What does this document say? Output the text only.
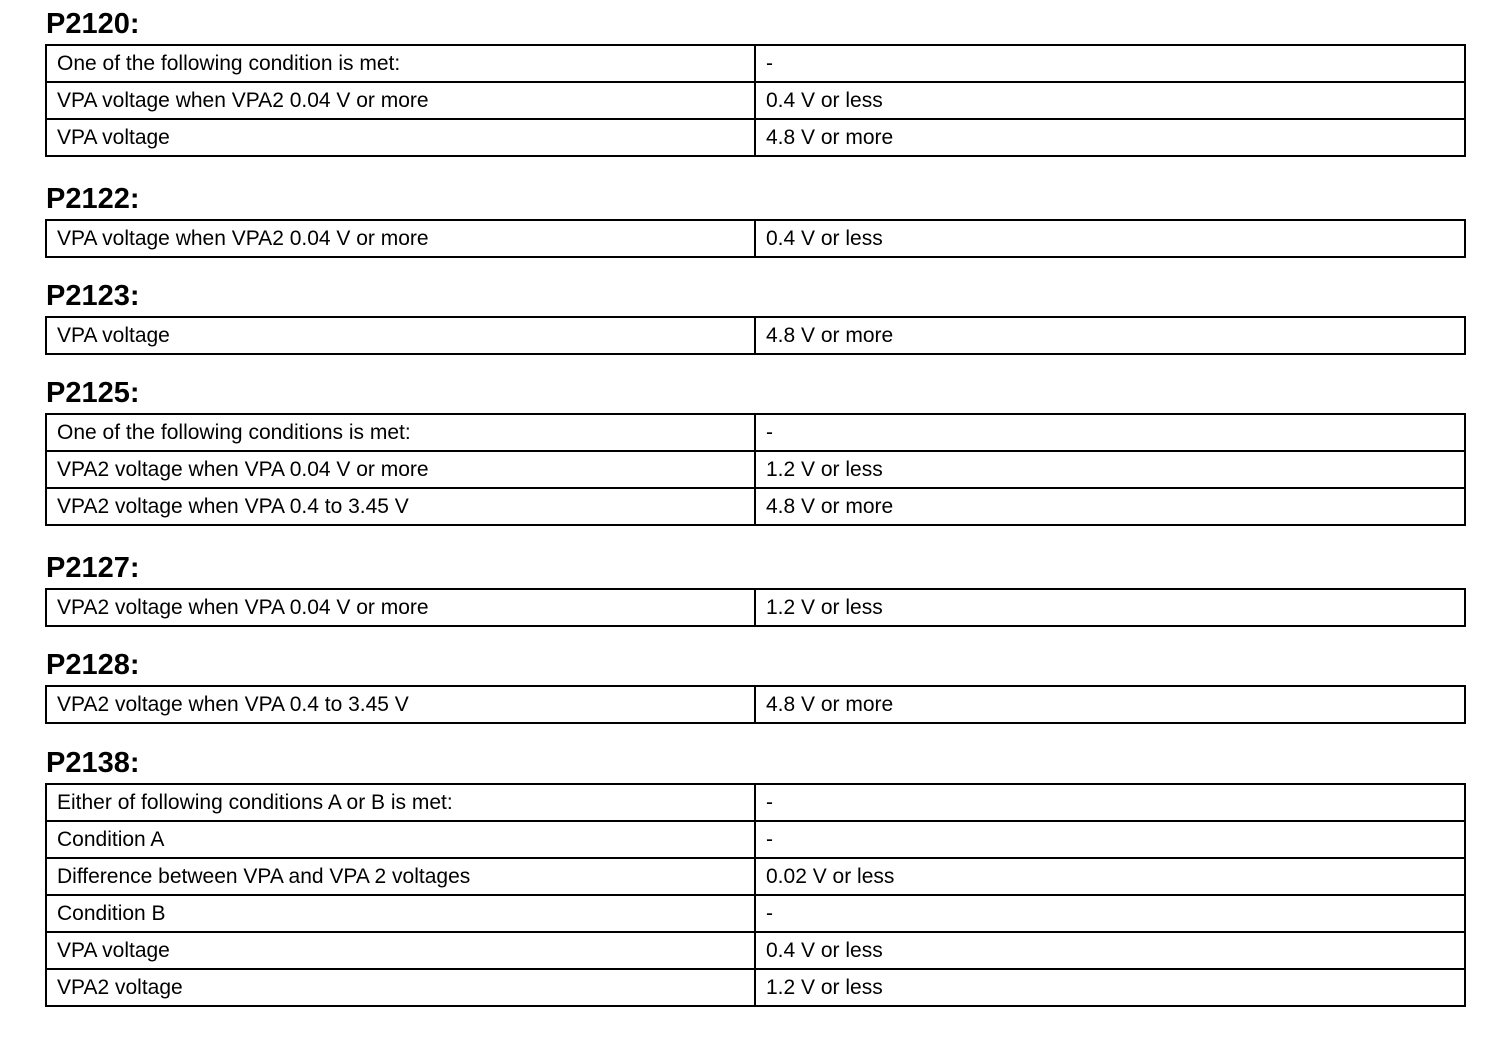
P2120:
One of the following condition is met:	-
VPA voltage when VPA2 0.04 V or more	0.4 V or less
VPA voltage	4.8 V or more
P2122:
VPA voltage when VPA2 0.04 V or more	0.4 V or less
P2123:
VPA voltage	4.8 V or more
P2125:
One of the following conditions is met:	-
VPA2 voltage when VPA 0.04 V or more	1.2 V or less
VPA2 voltage when VPA 0.4 to 3.45 V	4.8 V or more
P2127:
VPA2 voltage when VPA 0.04 V or more	1.2 V or less
P2128:
VPA2 voltage when VPA 0.4 to 3.45 V	4.8 V or more
P2138:
Either of following conditions A or B is met:	-
Condition A	-
Difference between VPA and VPA 2 voltages	0.02 V or less
Condition B	-
VPA voltage	0.4 V or less
VPA2 voltage	1.2 V or less
